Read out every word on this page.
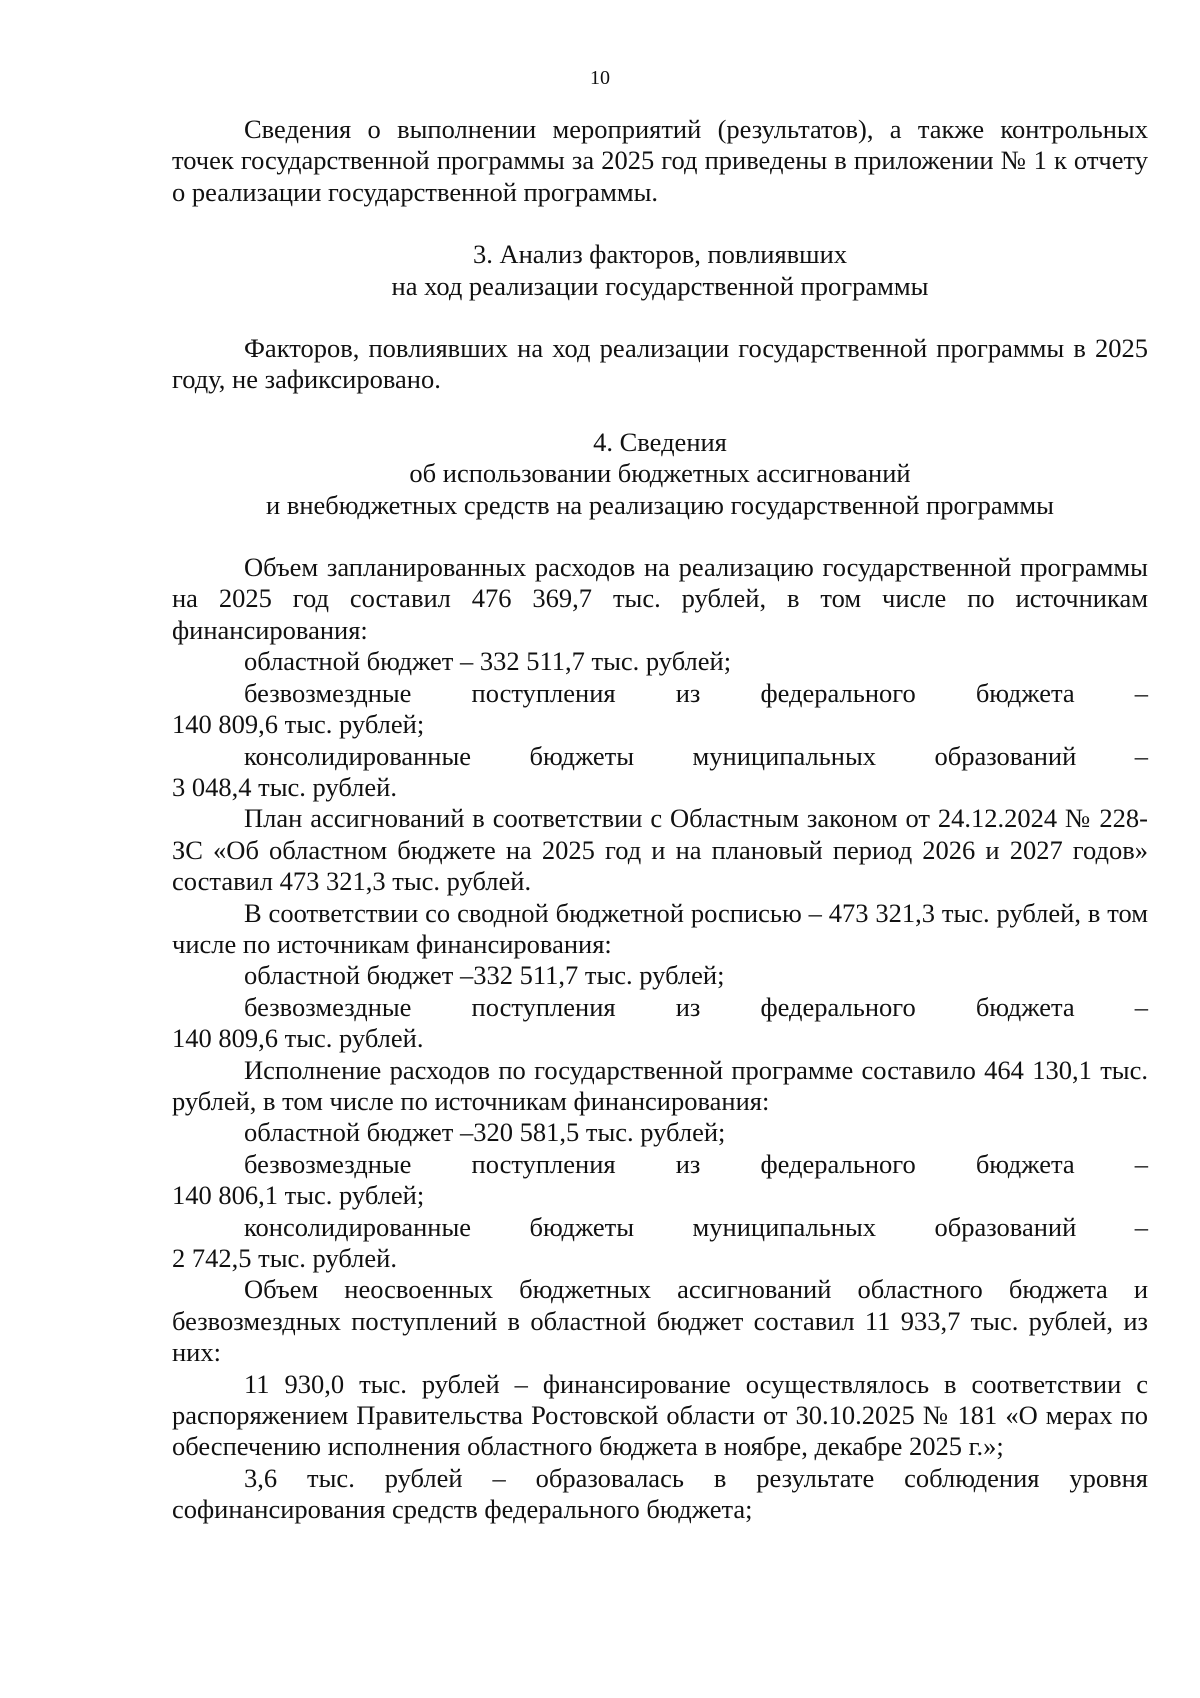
10

Сведения о выполнении мероприятий (результатов), а также контрольных точек государственной программы за 2025 год приведены в приложении № 1 к отчету о реализации государственной программы.

3. Анализ факторов, повлиявших

на ход реализации государственной программы

Факторов, повлиявших на ход реализации государственной программы в 2025 году, не зафиксировано.

4. Сведения

об использовании бюджетных ассигнований

и внебюджетных средств на реализацию государственной программы

Объем запланированных расходов на реализацию государственной программы на 2025 год составил 476 369,7 тыс. рублей, в том числе по источникам финансирования:

областной бюджет – 332 511,7 тыс. рублей;

безвозмездные поступления из федерального бюджета –

140 809,6 тыс. рублей;

консолидированные бюджеты муниципальных образований –

3 048,4 тыс. рублей.

План ассигнований в соответствии с Областным законом от 24.12.2024 № 228-ЗС «Об областном бюджете на 2025 год и на плановый период 2026 и 2027 годов» составил 473 321,3 тыс. рублей.

В соответствии со сводной бюджетной росписью – 473 321,3 тыс. рублей, в том числе по источникам финансирования:

областной бюджет –332 511,7 тыс. рублей;

безвозмездные поступления из федерального бюджета –

140 809,6 тыс. рублей.

Исполнение расходов по государственной программе составило 464 130,1 тыс. рублей, в том числе по источникам финансирования:

областной бюджет –320 581,5 тыс. рублей;

безвозмездные поступления из федерального бюджета –

140 806,1 тыс. рублей;

консолидированные бюджеты муниципальных образований –

2 742,5 тыс. рублей.

Объем неосвоенных бюджетных ассигнований областного бюджета и безвозмездных поступлений в областной бюджет составил 11 933,7 тыс. рублей, из них:

11 930,0 тыс. рублей – финансирование осуществлялось в соответствии с распоряжением Правительства Ростовской области от 30.10.2025 № 181 «О мерах по обеспечению исполнения областного бюджета в ноябре, декабре 2025 г.»;

3,6 тыс. рублей – образовалась в результате соблюдения уровня софинансирования средств федерального бюджета;
